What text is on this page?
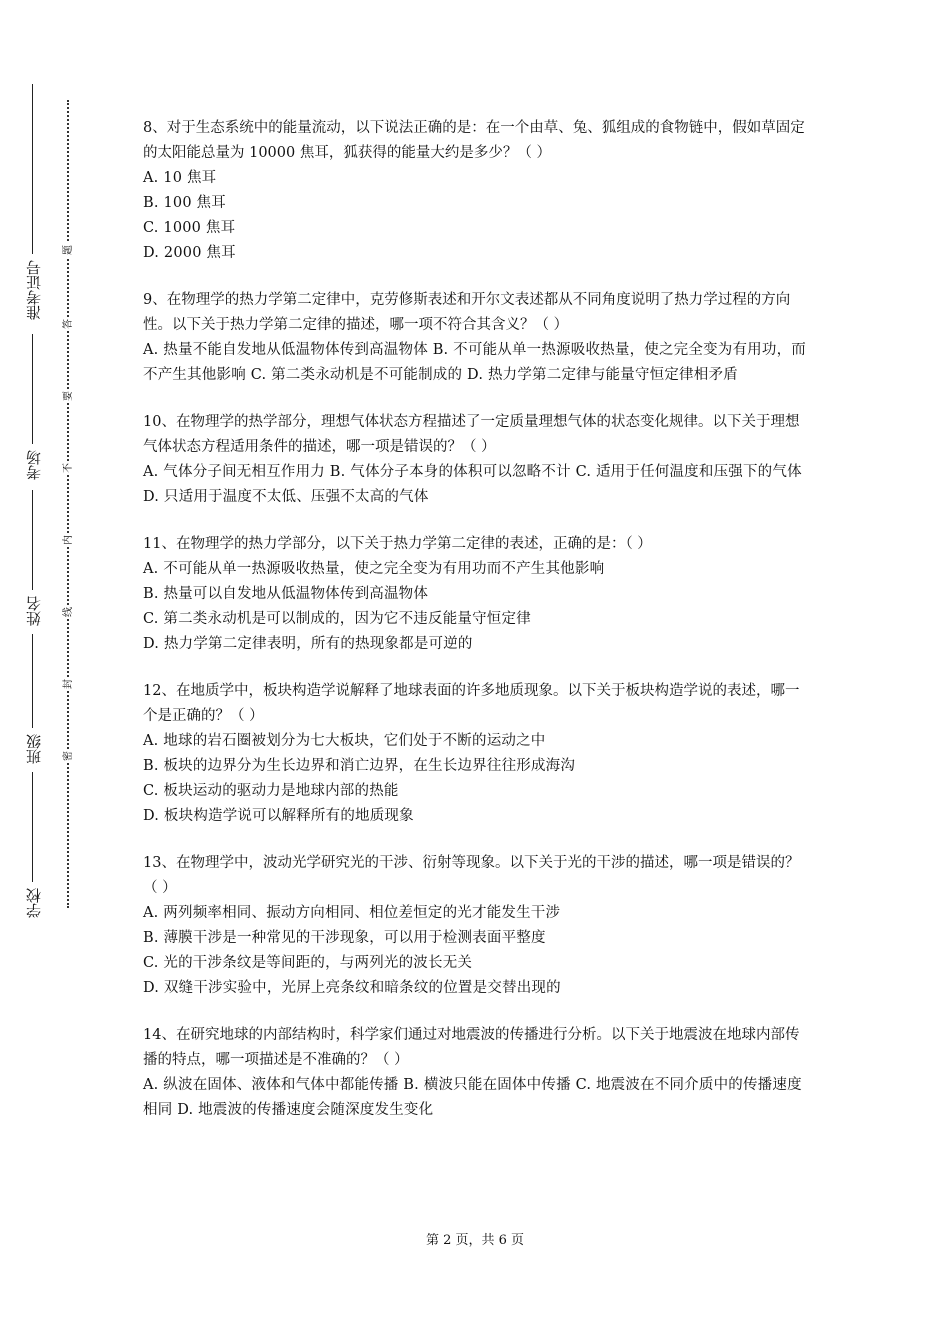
准考证号
考场
姓名
班级
学校
题
答
要
不
内
线
封
密

8、对于生态系统中的能量流动，以下说法正确的是：在一个由草、兔、狐组成的食物链中，假如草固定的太阳能总量为 10000 焦耳，狐获得的能量大约是多少？（ ）

A. 10 焦耳

B. 100 焦耳

C. 1000 焦耳

D. 2000 焦耳

9、在物理学的热力学第二定律中，克劳修斯表述和开尔文表述都从不同角度说明了热力学过程的方向性。以下关于热力学第二定律的描述，哪一项不符合其含义？（ ）

A. 热量不能自发地从低温物体传到高温物体 B. 不可能从单一热源吸收热量，使之完全变为有用功，而不产生其他影响 C. 第二类永动机是不可能制成的 D. 热力学第二定律与能量守恒定律相矛盾

10、在物理学的热学部分，理想气体状态方程描述了一定质量理想气体的状态变化规律。以下关于理想气体状态方程适用条件的描述，哪一项是错误的？（ ）

A. 气体分子间无相互作用力 B. 气体分子本身的体积可以忽略不计 C. 适用于任何温度和压强下的气体 D. 只适用于温度不太低、压强不太高的气体

11、在物理学的热力学部分，以下关于热力学第二定律的表述，正确的是：（ ）

A. 不可能从单一热源吸收热量，使之完全变为有用功而不产生其他影响

B. 热量可以自发地从低温物体传到高温物体

C. 第二类永动机是可以制成的，因为它不违反能量守恒定律

D. 热力学第二定律表明，所有的热现象都是可逆的

12、在地质学中，板块构造学说解释了地球表面的许多地质现象。以下关于板块构造学说的表述，哪一个是正确的？（ ）

A. 地球的岩石圈被划分为七大板块，它们处于不断的运动之中

B. 板块的边界分为生长边界和消亡边界，在生长边界往往形成海沟

C. 板块运动的驱动力是地球内部的热能

D. 板块构造学说可以解释所有的地质现象

13、在物理学中，波动光学研究光的干涉、衍射等现象。以下关于光的干涉的描述，哪一项是错误的？（ ）

A. 两列频率相同、振动方向相同、相位差恒定的光才能发生干涉

B. 薄膜干涉是一种常见的干涉现象，可以用于检测表面平整度

C. 光的干涉条纹是等间距的，与两列光的波长无关

D. 双缝干涉实验中，光屏上亮条纹和暗条纹的位置是交替出现的

14、在研究地球的内部结构时，科学家们通过对地震波的传播进行分析。以下关于地震波在地球内部传播的特点，哪一项描述是不准确的？（ ）

A. 纵波在固体、液体和气体中都能传播 B. 横波只能在固体中传播 C. 地震波在不同介质中的传播速度相同 D. 地震波的传播速度会随深度发生变化

第 2 页，共 6 页
